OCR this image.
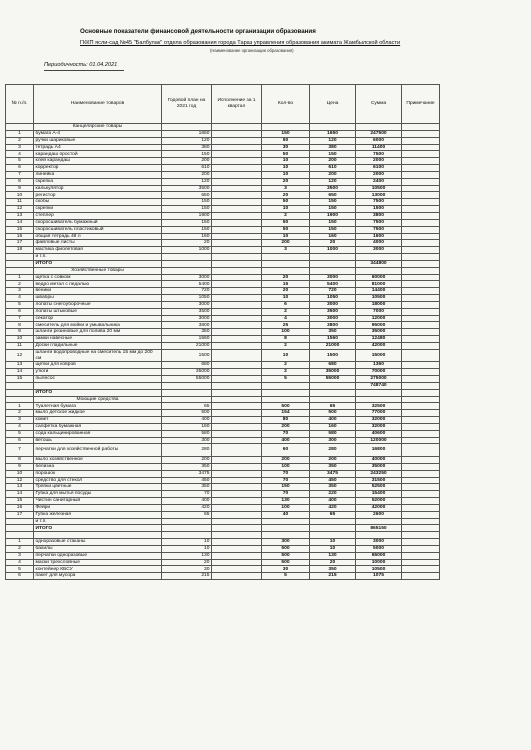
Основные показатели финансовой деятельности организации образования
ГККП ясли-сад №45 "Балбулак" отдела образования города Тараз управления образования акимата Жамбылской области
(Наименование организации образования)
Периодичность: 01.04.2021
№ п./п.	Наименование товаров	Годовой план на 2021 год	Исполнение за 1 квартал	Кол-во	Цена	Сумма	Примечание
	Канцелярские товары						
1	бумага А-4	1650		150	1650	247500	
2	ручки шариковые	120		50	120	6000	
3	тетрадь А4	380		30	380	11400	
4	карандаш простой	150		50	150	7500	
5	клей карандаш	200		10	200	2000	
6	корректор	610		10	610	6100	
7	линейка	200		10	200	2000	
8	скрепка	120		20	120	2400	
9	калькулятор	3500		3	3500	10500	
10	регистор	650		20	650	13000	
11	скобы	150		50	150	7500	
12	скрепки	150		10	150	1500	
13	степлер	1900		2	1900	3800	
14	скоросшиватель бумажный	150		50	150	7500	
15	скоросшиватель пластиковый	150		50	150	7500	
16	общая тетрадь 48 л	160		10	160	1600	
17	файловые листы	20		200	20	4000	
18	мастика фиолетовая	1000		3	1000	3000	
	и т.п.						
	ИТОГО					344800	
	Хозяйственные товары						
1	щетка с совком	3000		20	3000	60000	
2	ведро метал с педалью	5400		15	5400	81000	
3	веники	720		20	720	14400	
4	швабры	1050		10	1050	10500	
5	лопаты снегоуборочные	3000		6	3000	18000	
6	лопаты штыковые	3500		2	3500	7000	
7	секатор	3000		4	3000	12000	
8	смеситель для мойки и умывальника	3800		25	3800	95000	
9	шланги резиновые для полива 20 мм	350		100	350	35000	
10	замки навесные	1560		8	1560	12480	
11	Доски гладильные	21000		2	21000	42000	
12	шланги водопроводные на смеситель 15 мм до 200 см	1500		10	1500	15000	
13	щетки для ковров	680		2	680	1360	
14	утюги	35000		2	35000	70000	
15	пылесос	55000		5	55000	275000	
						748740	
	ИТОГО						
	Моющие средства						
1	Туалетная бумага	65		500	65	32500	
2	мыло детское жидкое	500		154	500	77000	
3	комет	400		80	400	32000	
4	салфетка бумажная	160		200	160	32000	
5	сода кальцинированная	580		70	580	40600	
6	ветошь	300		400	300	120000	
7	перчатки для хозяйственной работы	280		60	280	16800	
8	мыло хозяйственное	200		200	200	40000	
9	белизна	350		100	350	35000	
10	порошок	3475		70	3475	243250	
12	средство для стекол	450		70	450	31500	
13	Тряпки цветные	350		150	350	52500	
14	Губка для мытья посуды	70		70	220	15400	
15	Чистин санитарный	400		130	400	52000	
16	Фейри	420		100	420	42000	
17	Губка железная	65		40	65	2600	
	и т.п.						
	ИТОГО					865150	

1	одноразовые стаканы	10		300	10	3000	
2	бахилы	10		500	10	5000	
3	перчатки одноразовые	130		500	130	65000	
4	маски трехслойные	20		500	20	10000	
5	контейнер КБСУ	30		30	350	10500	
6	пакет для мусора	215		5	215	1075	
